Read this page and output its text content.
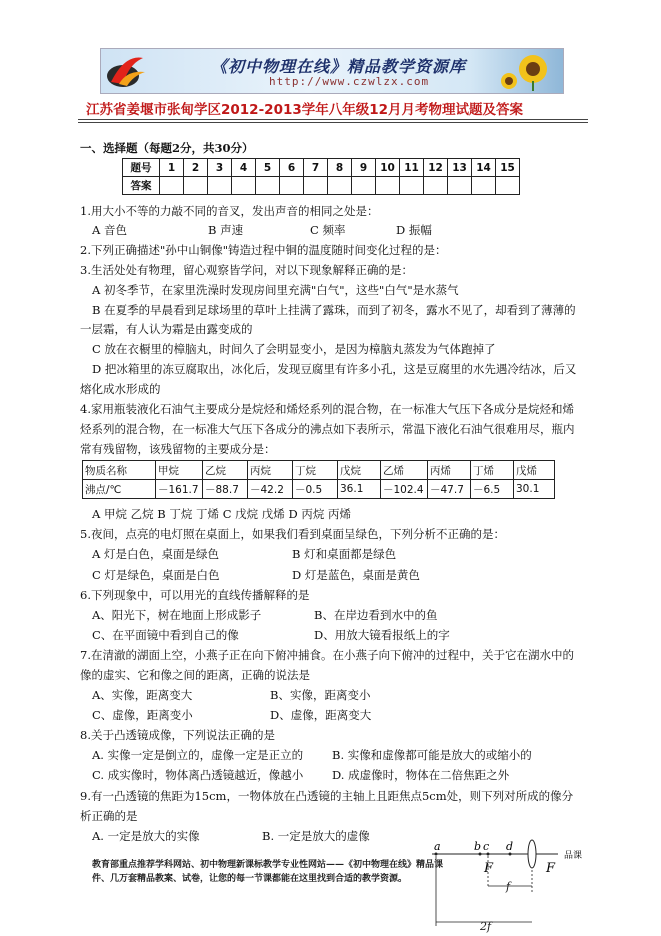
《初中物理在线》精品教学资源库
http://www.czwlzx.com
江苏省姜堰市张甸学区2012-2013学年八年级12月月考物理试题及答案
一、选择题（每题2分，共30分）
题号	1	2	3	4	5	6	7	8	9	10	11	12	13	14	15
答案															
1.用大小不等的力敲不同的音叉，发出声音的相同之处是：
A 音色	B 声速	C 频率	D 振幅
2.下列正确描述"孙中山铜像"铸造过程中铜的温度随时间变化过程的是：
3.生活处处有物理，留心观察皆学问，对以下现象解释正确的是：
A 初冬季节，在家里洗澡时发现房间里充满"白气"，这些"白气"是水蒸气
B 在夏季的早晨看到足球场里的草叶上挂满了露珠，而到了初冬，露水不见了，却看到了薄薄的
一层霜，有人认为霜是由露变成的
C 放在衣橱里的樟脑丸，时间久了会明显变小，是因为樟脑丸蒸发为气体跑掉了
D 把冰箱里的冻豆腐取出，冰化后，发现豆腐里有许多小孔，这是豆腐里的水先遇冷结冰，后又
熔化成水形成的
4.家用瓶装液化石油气主要成分是烷烃和烯烃系列的混合物，在一标准大气压下各成分是烷烃和烯
烃系列的混合物，在一标准大气压下各成分的沸点如下表所示，常温下液化石油气很难用尽，瓶内
常有残留物，该残留物的主要成分是：
物质名称	甲烷	乙烷	丙烷	丁烷	戊烷	乙烯	丙烯	丁烯	戊烯
沸点/℃	－161.7	－88.7	－42.2	－0.5	36.1	－102.4	－47.7	－6.5	30.1
A 甲烷 乙烷 B 丁烷 丁烯 C 戊烷 戊烯 D 丙烷 丙烯
5.夜间，点亮的电灯照在桌面上，如果我们看到桌面呈绿色，下列分析不正确的是：
A 灯是白色，桌面是绿色	B 灯和桌面都是绿色
C 灯是绿色，桌面是白色	D 灯是蓝色，桌面是黄色
6.下列现象中，可以用光的直线传播解释的是
A、阳光下，树在地面上形成影子	B、在岸边看到水中的鱼
C、在平面镜中看到自己的像	D、用放大镜看报纸上的字
7.在清澈的湖面上空，小燕子正在向下俯冲捕食。在小燕子向下俯冲的过程中，关于它在湖水中的
像的虚实、它和像之间的距离，正确的说法是
A、实像，距离变大	B、实像，距离变小
C、虚像，距离变小	D、虚像，距离变大
8.关于凸透镜成像，下列说法正确的是
A. 实像一定是倒立的，虚像一定是正立的	B. 实像和虚像都可能是放大的或缩小的
C. 成实像时，物体离凸透镜越近，像越小	D. 成虚像时，物体在二倍焦距之外
9.有一凸透镜的焦距为15cm，一物体放在凸透镜的主轴上且距焦点5cm处，则下列对所成的像分
析正确的是
A. 一定是放大的实像	B. 一定是放大的虚像
教育部重点推荐学科网站、初中物理新课标教学专业性网站——《初中物理在线》精品课
件、几万套精品教案、试卷，让您的每一节课都能在这里找到合适的教学资源。
a	b c d
F	F
品课
f
2f
